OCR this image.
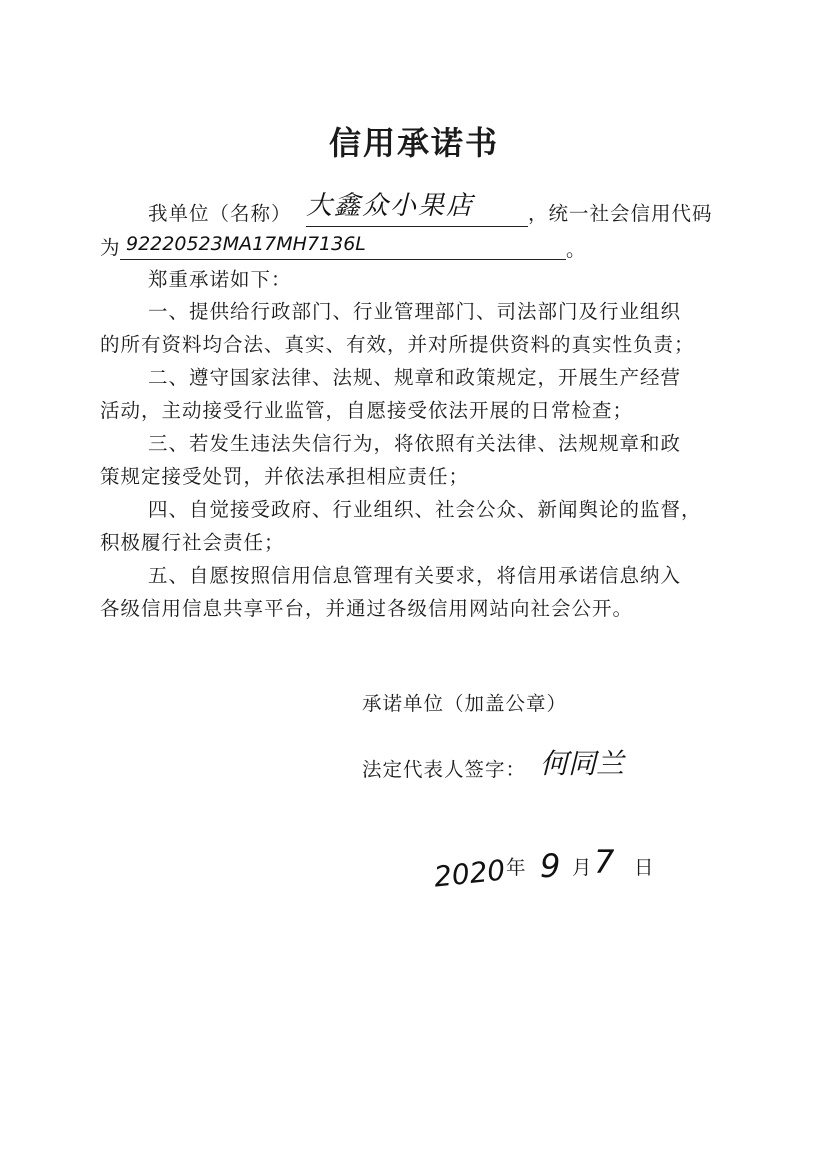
信用承诺书
我单位（名称） 大鑫众小果店	，统一社会信用代码
为 92220523MA17MH7136L	。
郑重承诺如下：
一、提供给行政部门、行业管理部门、司法部门及行业组织
的所有资料均合法、真实、有效，并对所提供资料的真实性负责；
二、遵守国家法律、法规、规章和政策规定，开展生产经营
活动，主动接受行业监管，自愿接受依法开展的日常检查；
三、若发生违法失信行为，将依照有关法律、法规规章和政
策规定接受处罚，并依法承担相应责任；
四、自觉接受政府、行业组织、社会公众、新闻舆论的监督，
积极履行社会责任；
五、自愿按照信用信息管理有关要求，将信用承诺信息纳入
各级信用信息共享平台，并通过各级信用网站向社会公开。
承诺单位（加盖公章）
法定代表人签字： 何同兰
2020 年 9 月 7 日
